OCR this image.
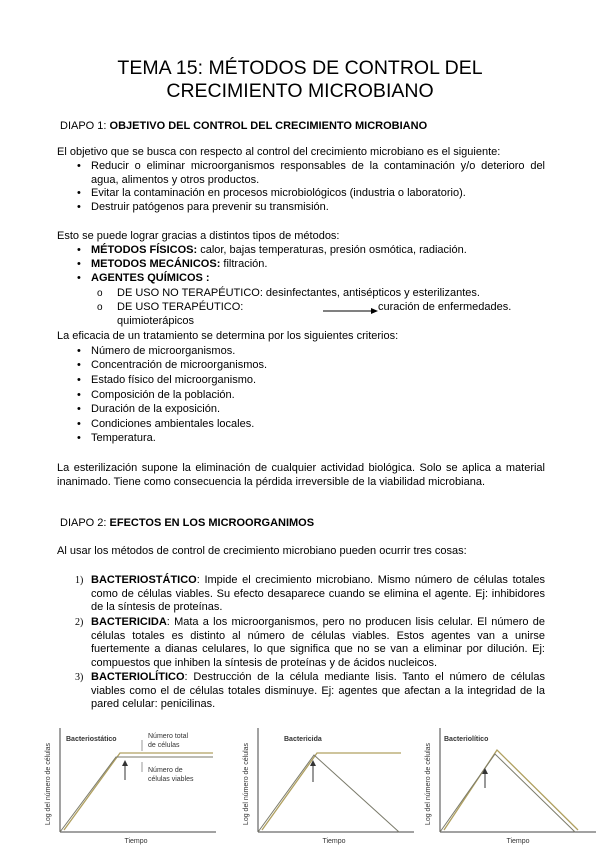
TEMA 15: MÉTODOS DE CONTROL DEL
CRECIMIENTO MICROBIANO
DIAPO 1: OBJETIVO DEL CONTROL DEL CRECIMIENTO MICROBIANO
El objetivo que se busca con respecto al control del crecimiento microbiano es el siguiente:
• Reducir o eliminar microorganismos responsables de la contaminación y/o deterioro del agua, alimentos y otros productos.
• Evitar la contaminación en procesos microbiológicos (industria o laboratorio).
• Destruir patógenos para prevenir su transmisión.
Esto se puede lograr gracias a distintos tipos de métodos:
• MÉTODOS FÍSICOS: calor, bajas temperaturas, presión osmótica, radiación.
• METODOS MECÁNICOS: filtración.
• AGENTES QUÍMICOS :
o DE USO NO TERAPÉUTICO: desinfectantes, antisépticos y esterilizantes.
o DE USO TERAPÉUTICO: quimioterápicos
curación de enfermedades.
La eficacia de un tratamiento se determina por los siguientes criterios:
• Número de microorganismos.
• Concentración de microorganismos.
• Estado físico del microorganismo.
• Composición de la población.
• Duración de la exposición.
• Condiciones ambientales locales.
• Temperatura.
La esterilización supone la eliminación de cualquier actividad biológica. Solo se aplica a material inanimado. Tiene como consecuencia la pérdida irreversible de la viabilidad microbiana.
DIAPO 2: EFECTOS EN LOS MICROORGANIMOS
Al usar los métodos de control de crecimiento microbiano pueden ocurrir tres cosas:
1) BACTERIOSTÁTICO: Impide el crecimiento microbiano. Mismo número de células totales como de células viables. Su efecto desaparece cuando se elimina el agente. Ej: inhibidores de la síntesis de proteínas.
2) BACTERICIDA: Mata a los microorganismos, pero no producen lisis celular. El número de células totales es distinto al número de células viables. Estos agentes van a unirse fuertemente a dianas celulares, lo que significa que no se van a eliminar por dilución. Ej: compuestos que inhiben la síntesis de proteínas y de ácidos nucleicos.
3) BACTERIOLÍTICO: Destrucción de la célula mediante lisis. Tanto el número de células viables como el de células totales disminuye. Ej: agentes que afectan a la integridad de la pared celular: penicilinas.
Log del número de células
Bacteriostático	Número total
de células
Número de
células viables
Tiempo
Log del número de células
Bactericida
Tiempo
Log del número de células
Bacteriolítico
Tiempo
